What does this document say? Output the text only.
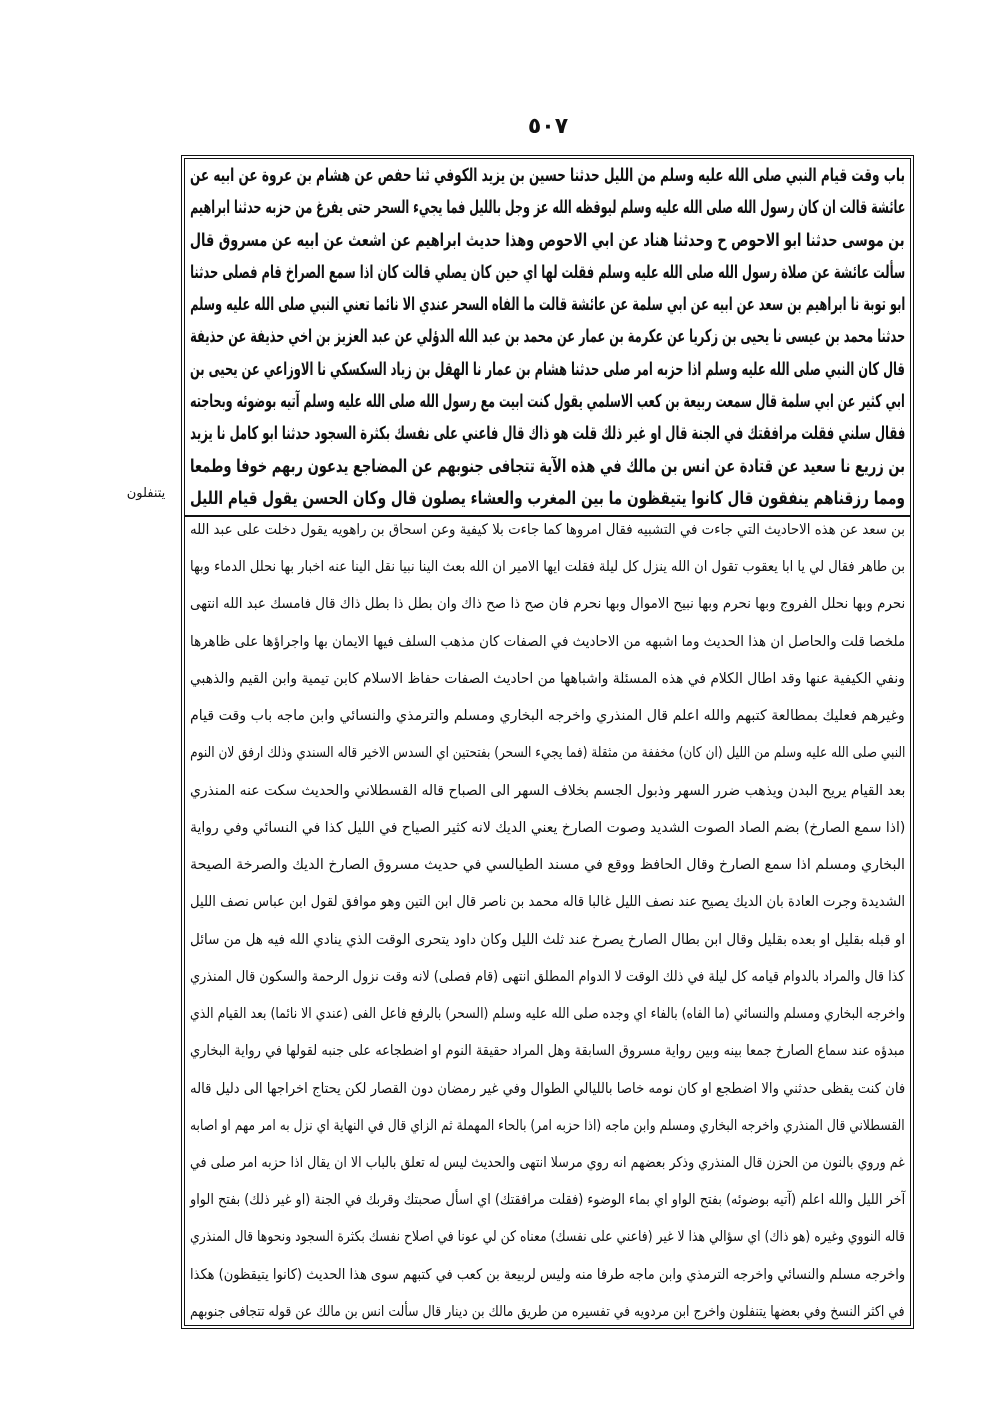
٥٠٧
يتنفلون
باب وقت قيام النبي صلى الله عليه وسلم من الليل حدثنا حسين بن يزيد الكوفي ثنا حفص عن هشام بن عروة عن ابيه عن
عائشة قالت ان كان رسول الله صلى الله عليه وسلم ليوقظه الله عز وجل بالليل فما يجيء السحر حتى يفرغ من حزبه حدثنا ابراهيم
بن موسى حدثنا ابو الاحوص ح وحدثنا هناد عن ابي الاحوص وهذا حديث ابراهيم عن اشعث عن ابيه عن مسروق قال
سألت عائشة عن صلاة رسول الله صلى الله عليه وسلم فقلت لها اي حين كان يصلي قالت كان اذا سمع الصراخ قام فصلى حدثنا
ابو توبة نا ابراهيم بن سعد عن ابيه عن ابي سلمة عن عائشة قالت ما الفاه السحر عندي الا نائما تعني النبي صلى الله عليه وسلم
حدثنا محمد بن عيسى نا يحيى بن زكريا عن عكرمة بن عمار عن محمد بن عبد الله الدؤلي عن عبد العزيز بن اخي حذيفة عن حذيفة
قال كان النبي صلى الله عليه وسلم اذا حزبه امر صلى حدثنا هشام بن عمار نا الهقل بن زياد السكسكي نا الاوزاعي عن يحيى بن
ابي كثير عن ابي سلمة قال سمعت ربيعة بن كعب الاسلمي يقول كنت ابيت مع رسول الله صلى الله عليه وسلم آتيه بوضوئه وبحاجته
فقال سلني فقلت مرافقتك في الجنة قال او غير ذلك قلت هو ذاك قال فاعني على نفسك بكثرة السجود حدثنا ابو كامل نا يزيد
بن زريع نا سعيد عن قتادة عن انس بن مالك في هذه الآية تتجافى جنوبهم عن المضاجع يدعون ربهم خوفا وطمعا
ومما رزقناهم ينفقون قال كانوا يتيقظون ما بين المغرب والعشاء يصلون قال وكان الحسن يقول قيام الليل
بن سعد عن هذه الاحاديث التي جاءت في التشبيه فقال امروها كما جاءت بلا كيفية وعن اسحاق بن راهويه يقول دخلت على عبد الله
بن طاهر فقال لي يا ابا يعقوب تقول ان الله ينزل كل ليلة فقلت ايها الامير ان الله بعث الينا نبيا نقل الينا عنه اخبار بها نحلل الدماء وبها
نحرم وبها نحلل الفروج وبها نحرم وبها نبيح الاموال وبها نحرم فان صح ذا صح ذاك وان بطل ذا بطل ذاك قال فامسك عبد الله انتهى
ملخصا قلت والحاصل ان هذا الحديث وما اشبهه من الاحاديث في الصفات كان مذهب السلف فيها الايمان بها واجراؤها على ظاهرها
ونفي الكيفية عنها وقد اطال الكلام في هذه المسئلة واشباهها من احاديث الصفات حفاظ الاسلام كابن تيمية وابن القيم والذهبي
وغيرهم فعليك بمطالعة كتبهم والله اعلم قال المنذري واخرجه البخاري ومسلم والترمذي والنسائي وابن ماجه باب وقت قيام
النبي صلى الله عليه وسلم من الليل (ان كان) مخففة من مثقلة (فما يجيء السحر) بفتحتين اي السدس الاخير قاله السندي وذلك ارفق لان النوم
بعد القيام يريح البدن ويذهب ضرر السهر وذبول الجسم بخلاف السهر الى الصباح قاله القسطلاني والحديث سكت عنه المنذري
(اذا سمع الصارخ) بضم الصاد الصوت الشديد وصوت الصارخ يعني الديك لانه كثير الصياح في الليل كذا في النسائي وفي رواية
البخاري ومسلم اذا سمع الصارخ وقال الحافظ ووقع في مسند الطيالسي في حديث مسروق الصارخ الديك والصرخة الصيحة
الشديدة وجرت العادة بان الديك يصيح عند نصف الليل غالبا قاله محمد بن ناصر قال ابن التين وهو موافق لقول ابن عباس نصف الليل
او قبله بقليل او بعده بقليل وقال ابن بطال الصارخ يصرخ عند ثلث الليل وكان داود يتحرى الوقت الذي ينادي الله فيه هل من سائل
كذا قال والمراد بالدوام قيامه كل ليلة في ذلك الوقت لا الدوام المطلق انتهى (قام فصلى) لانه وقت نزول الرحمة والسكون قال المنذري
واخرجه البخاري ومسلم والنسائي (ما الفاه) بالفاء اي وجده صلى الله عليه وسلم (السحر) بالرفع فاعل الفى (عندي الا نائما) بعد القيام الذي
مبدؤه عند سماع الصارخ جمعا بينه وبين رواية مسروق السابقة وهل المراد حقيقة النوم او اضطجاعه على جنبه لقولها في رواية البخاري
فان كنت يقظى حدثني والا اضطجع او كان نومه خاصا بالليالي الطوال وفي غير رمضان دون القصار لكن يحتاج اخراجها الى دليل قاله
القسطلاني قال المنذري واخرجه البخاري ومسلم وابن ماجه (اذا حزبه امر) بالحاء المهملة ثم الزاي قال في النهاية اي نزل به امر مهم او اصابه
غم وروي بالنون من الحزن قال المنذري وذكر بعضهم انه روي مرسلا انتهى والحديث ليس له تعلق بالباب الا ان يقال اذا حزبه امر صلى في
آخر الليل والله اعلم (آتيه بوضوئه) بفتح الواو اي بماء الوضوء (فقلت مرافقتك) اي اسأل صحبتك وقربك في الجنة (او غير ذلك) بفتح الواو
قاله النووي وغيره (هو ذاك) اي سؤالي هذا لا غير (فاعني على نفسك) معناه كن لي عونا في اصلاح نفسك بكثرة السجود ونحوها قال المنذري
واخرجه مسلم والنسائي واخرجه الترمذي وابن ماجه طرفا منه وليس لربيعة بن كعب في كتبهم سوى هذا الحديث (كانوا يتيقظون) هكذا
في اكثر النسخ وفي بعضها يتنفلون واخرج ابن مردويه في تفسيره من طريق مالك بن دينار قال سألت انس بن مالك عن قوله تتجافى جنوبهم
